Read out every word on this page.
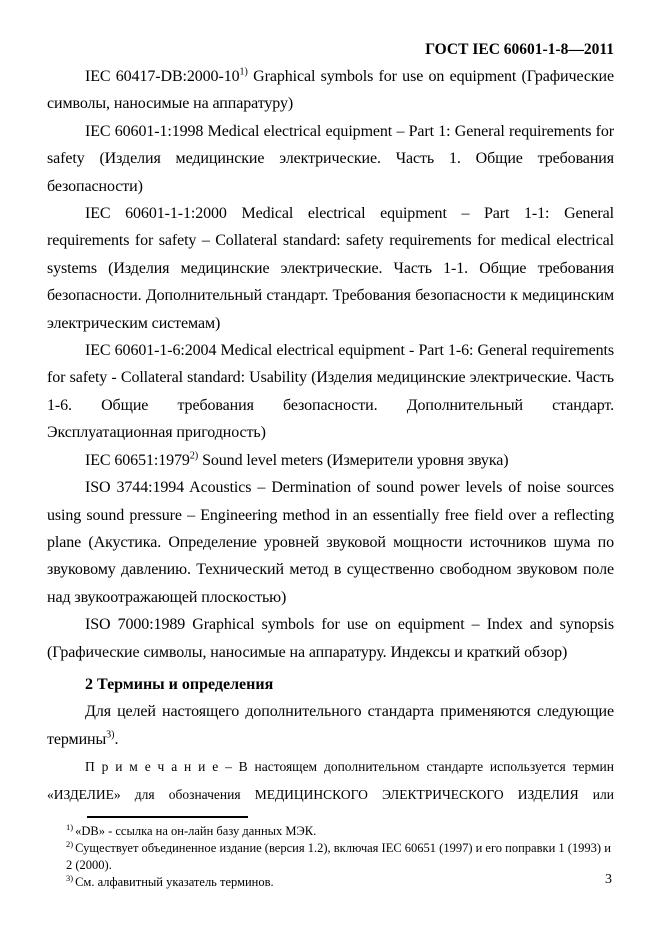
ГОСТ IEC 60601-1-8—2011

IEC 60417-DB:2000-10$^{1)}$ Graphical symbols for use on equipment (Графические символы, наносимые на аппаратуру)

IEC 60601-1:1998 Medical electrical equipment – Part 1: General requirements for safety (Изделия медицинские электрические. Часть 1. Общие требования безопасности)

IEC 60601-1-1:2000 Medical electrical equipment – Part 1-1: General requirements for safety – Collateral standard: safety requirements for medical electrical systems (Изделия медицинские электрические. Часть 1-1. Общие требования безопасности. Дополнительный стандарт. Требования безопасности к медицинским электрическим системам)

IEC 60601-1-6:2004 Medical electrical equipment - Part 1-6: General requirements for safety - Collateral standard: Usability (Изделия медицинские электрические. Часть 1-6. Общие требования безопасности. Дополнительный стандарт. Эксплуатационная пригодность)

IEC 60651:1979$^{2)}$ Sound level meters (Измерители уровня звука)

ISO 3744:1994 Acoustics – Dermination of sound power levels of noise sources using sound pressure – Engineering method in an essentially free field over a reflecting plane (Акустика. Определение уровней звуковой мощности источников шума по звуковому давлению. Технический метод в существенно свободном звуковом поле над звукоотражающей плоскостью)

ISO 7000:1989 Graphical symbols for use on equipment – Index and synopsis (Графические символы, наносимые на аппаратуру. Индексы и краткий обзор)

2 Термины и определения

Для целей настоящего дополнительного стандарта применяются следующие термины$^{3)}$.

П р и м е ч а н и е – В настоящем дополнительном стандарте используется термин «ИЗДЕЛИЕ» для обозначения МЕДИЦИНСКОГО ЭЛЕКТРИЧЕСКОГО ИЗДЕЛИЯ или

$^{1)}$ «DB» - ссылка на он-лайн базу данных МЭК.
$^{2)}$ Существует объединенное издание (версия 1.2), включая IEC 60651 (1997) и его поправки 1 (1993) и 2 (2000).
$^{3)}$ См. алфавитный указатель терминов.	3
